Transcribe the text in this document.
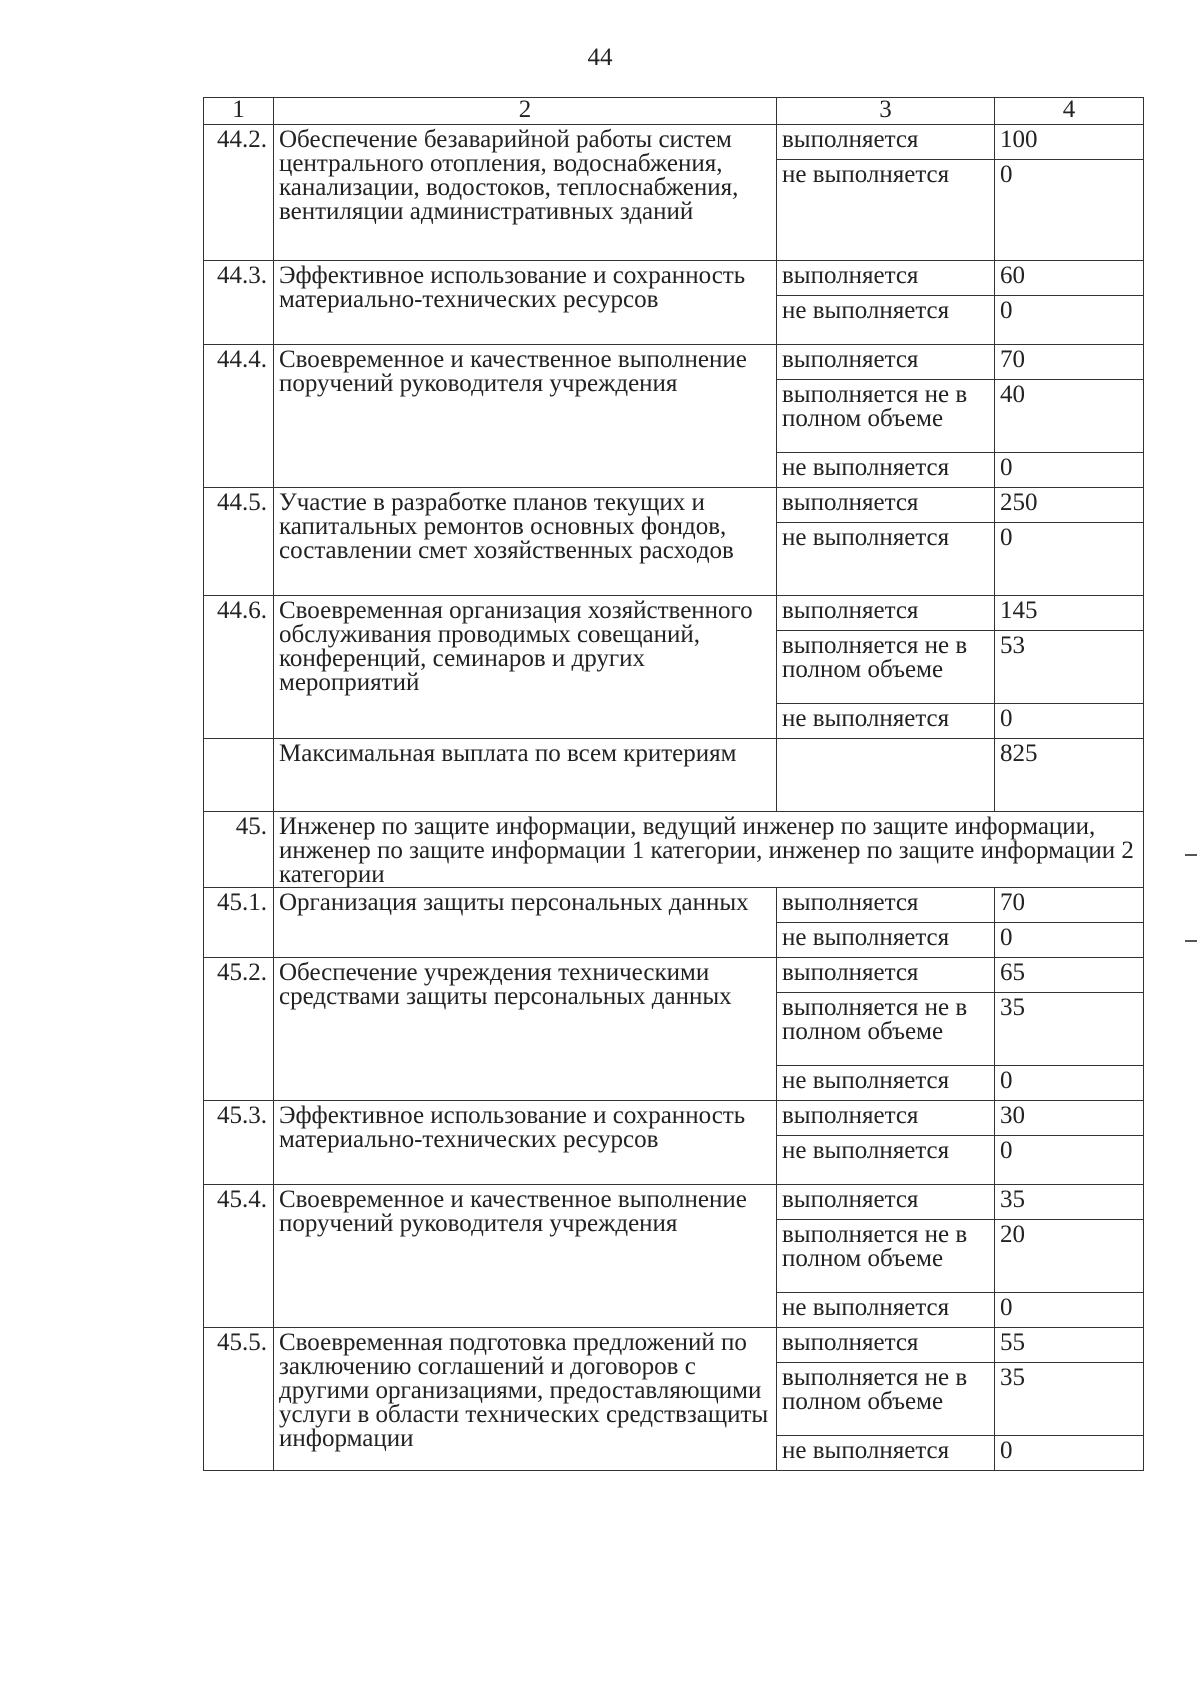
44
1	2	3	4
44.2.	Обеспечение безаварийной работы систем центрального отопления, водоснабжения, канализации, водостоков, теплоснабжения, вентиляции административных зданий	выполняется	100
		не выполняется	0
44.3.	Эффективное использование и сохранность материально-технических ресурсов	выполняется	60
		не выполняется	0
44.4.	Своевременное и качественное выполнение поручений руководителя учреждения	выполняется	70
		выполняется не в полном объеме	40
		не выполняется	0
44.5.	Участие в разработке планов текущих и капитальных ремонтов основных фондов, составлении смет хозяйственных расходов	выполняется	250
		не выполняется	0
44.6.	Своевременная организация хозяйственного обслуживания проводимых совещаний, конференций, семинаров и других мероприятий	выполняется	145
		выполняется не в полном объеме	53
		не выполняется	0
	Максимальная выплата по всем критериям		825
45.	Инженер по защите информации, ведущий инженер по защите информации, инженер по защите информации 1 категории, инженер по защите информации 2 категории		
45.1.	Организация защиты персональных данных	выполняется	70
		не выполняется	0
45.2.	Обеспечение учреждения техническими средствами защиты персональных данных	выполняется	65
		выполняется не в полном объеме	35
		не выполняется	0
45.3.	Эффективное использование и сохранность материально-технических ресурсов	выполняется	30
		не выполняется	0
45.4.	Своевременное и качественное выполнение поручений руководителя учреждения	выполняется	35
		выполняется не в полном объеме	20
		не выполняется	0
45.5.	Своевременная подготовка предложений по заключению соглашений и договоров с другими организациями, предоставляющими услуги в области технических средствзащиты информации	выполняется	55
		выполняется не в полном объеме	35
		не выполняется	0
